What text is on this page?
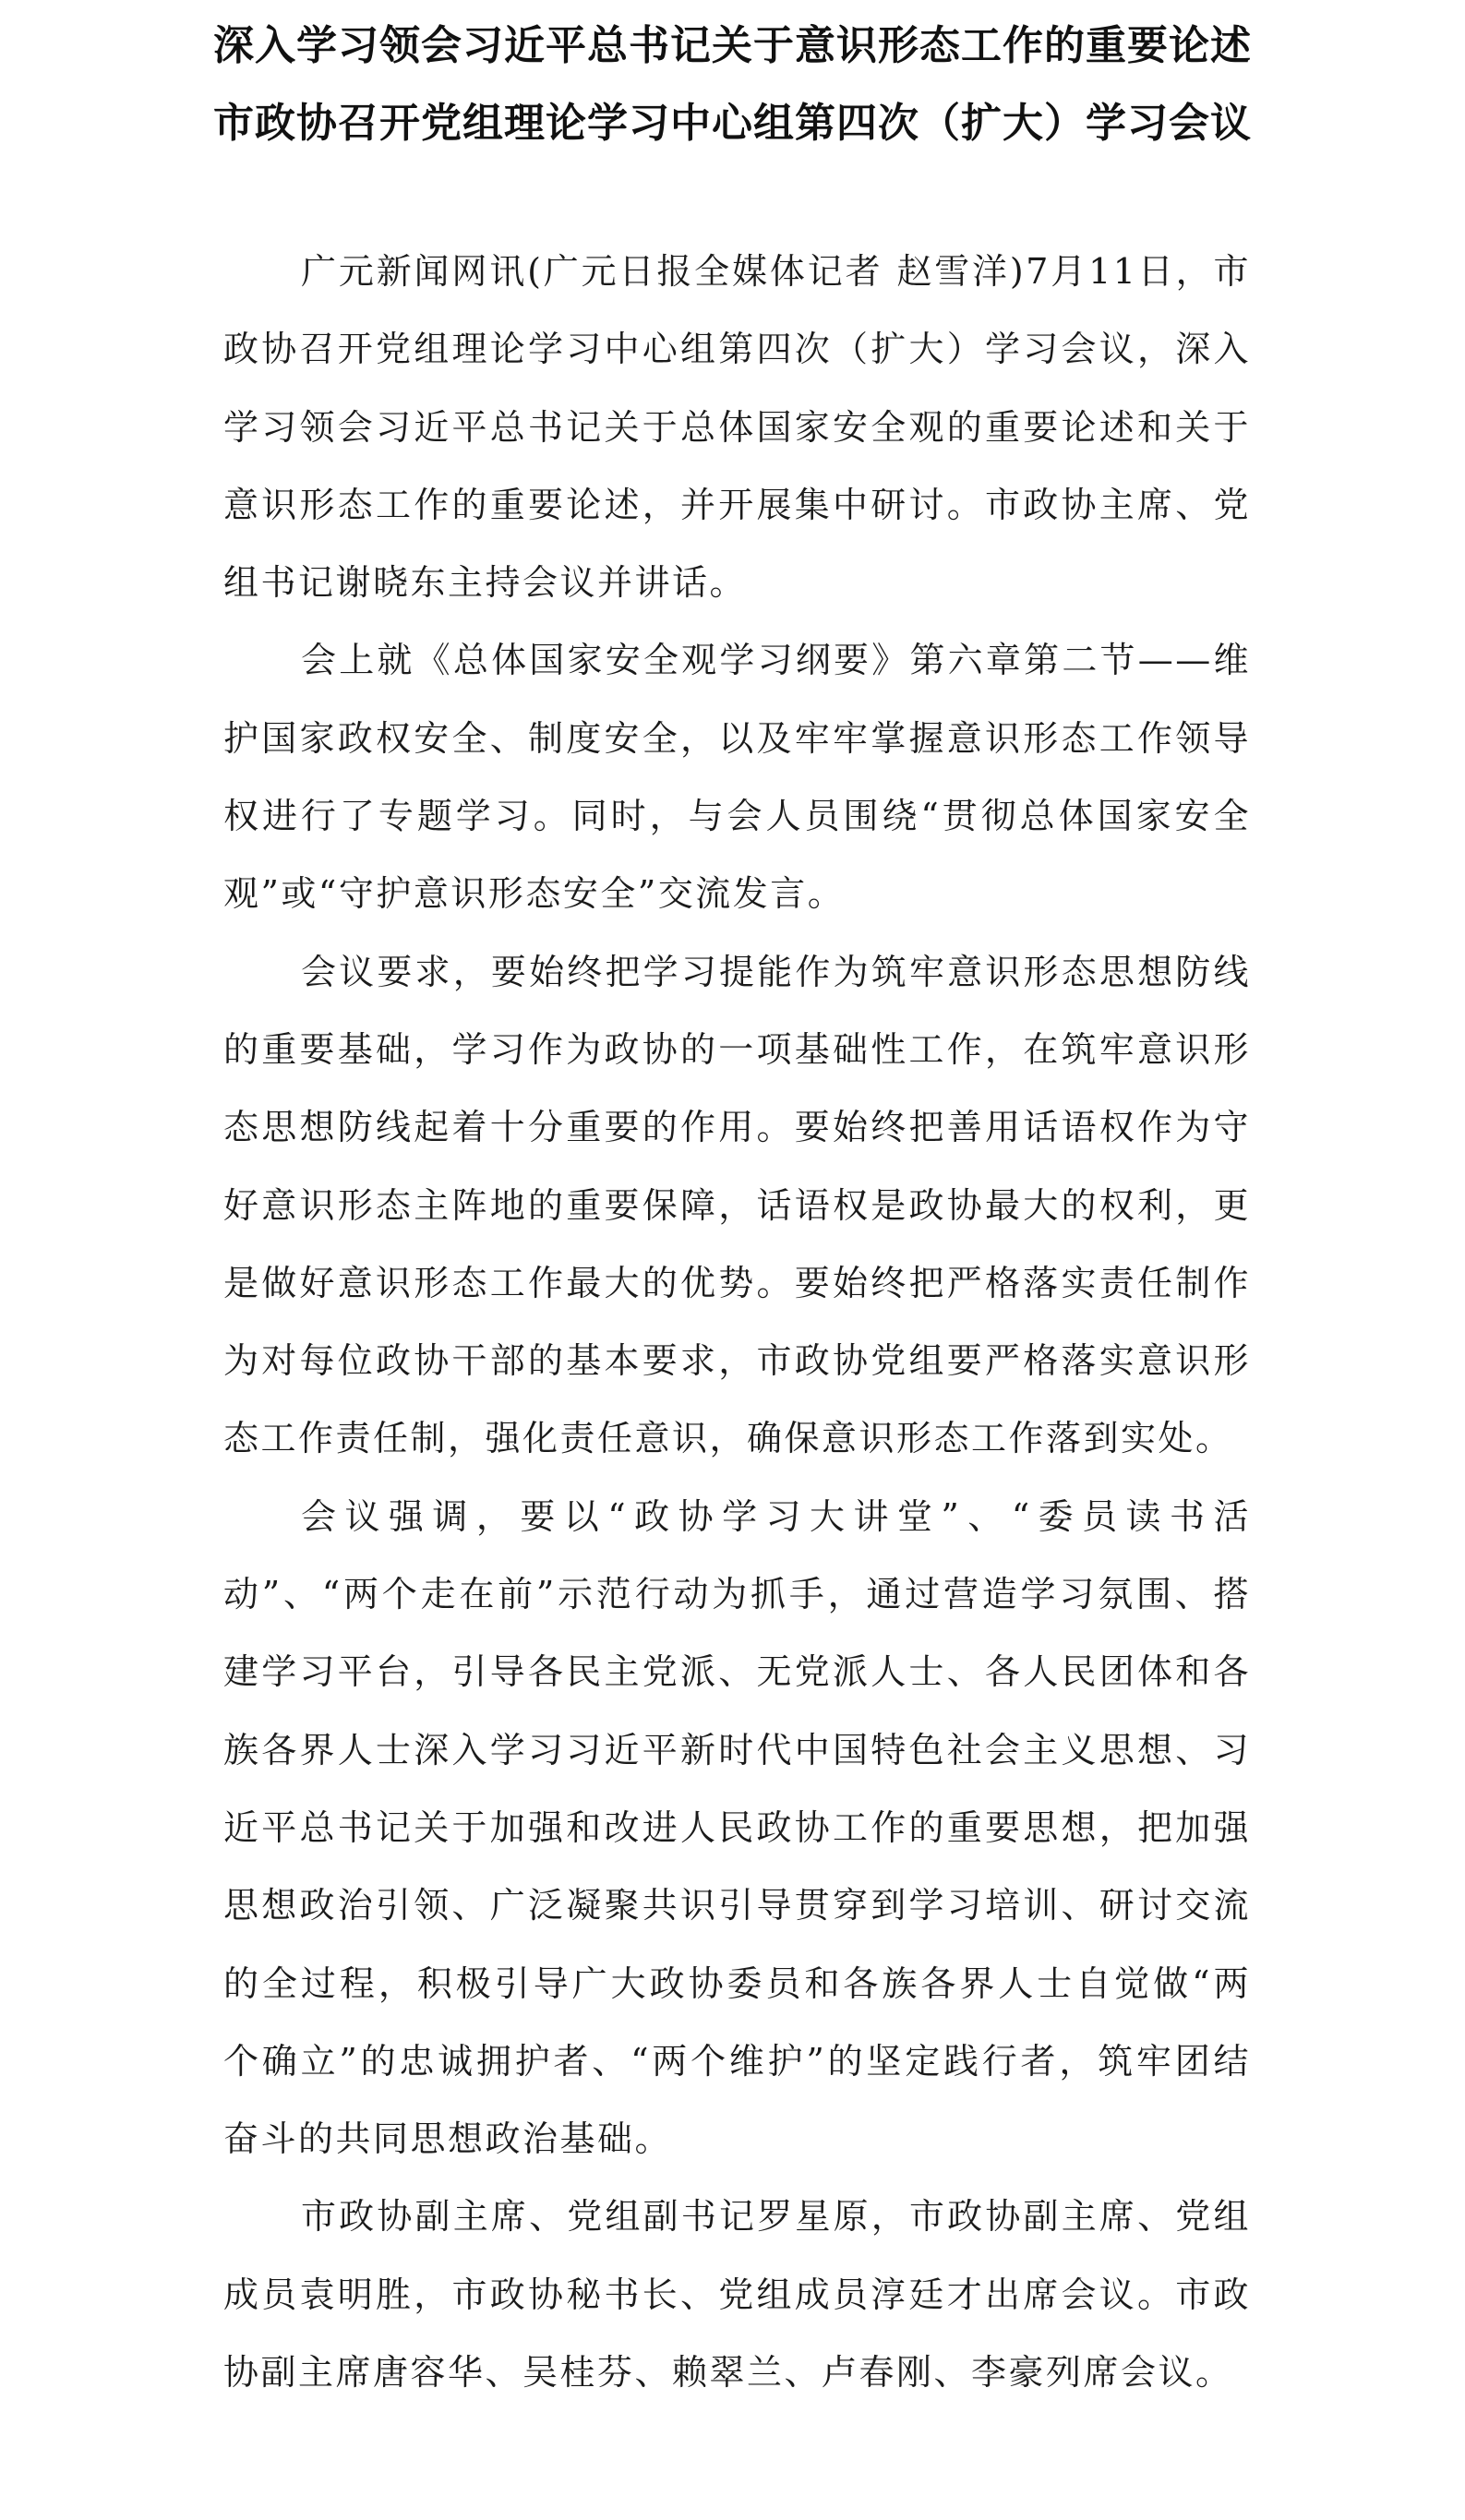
深入学习领会习近平总书记关于意识形态工作的重要论述
市政协召开党组理论学习中心组第四次（扩大）学习会议

广元新闻网讯(广元日报全媒体记者 赵雪洋)7月11日，市政协召开党组理论学习中心组第四次（扩大）学习会议，深入学习领会习近平总书记关于总体国家安全观的重要论述和关于意识形态工作的重要论述，并开展集中研讨。市政协主席、党组书记谢晓东主持会议并讲话。

会上就《总体国家安全观学习纲要》第六章第二节——维护国家政权安全、制度安全，以及牢牢掌握意识形态工作领导权进行了专题学习。同时，与会人员围绕“贯彻总体国家安全观”或“守护意识形态安全”交流发言。

会议要求，要始终把学习提能作为筑牢意识形态思想防线的重要基础，学习作为政协的一项基础性工作，在筑牢意识形态思想防线起着十分重要的作用。要始终把善用话语权作为守好意识形态主阵地的重要保障，话语权是政协最大的权利，更是做好意识形态工作最大的优势。要始终把严格落实责任制作为对每位政协干部的基本要求，市政协党组要严格落实意识形态工作责任制，强化责任意识，确保意识形态工作落到实处。

会议强调，要以“政协学习大讲堂”、“委员读书活动”、“两个走在前”示范行动为抓手，通过营造学习氛围、搭建学习平台，引导各民主党派、无党派人士、各人民团体和各族各界人士深入学习习近平新时代中国特色社会主义思想、习近平总书记关于加强和改进人民政协工作的重要思想，把加强思想政治引领、广泛凝聚共识引导贯穿到学习培训、研讨交流的全过程，积极引导广大政协委员和各族各界人士自觉做“两个确立”的忠诚拥护者、“两个维护”的坚定践行者，筑牢团结奋斗的共同思想政治基础。

市政协副主席、党组副书记罗星原，市政协副主席、党组成员袁明胜，市政协秘书长、党组成员淳廷才出席会议。市政协副主席唐容华、吴桂芬、赖翠兰、卢春刚、李豪列席会议。
